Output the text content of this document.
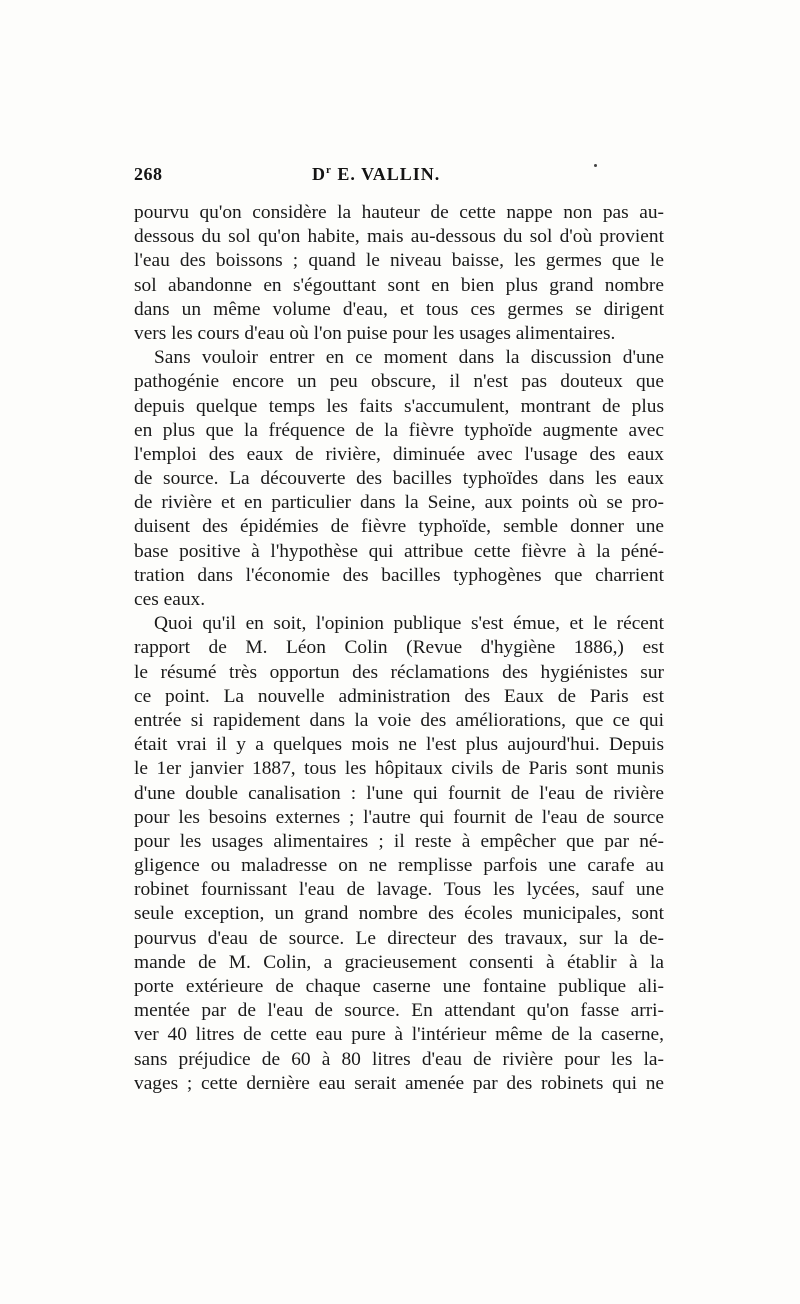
268	$D^r$ E. VALLIN.
pourvu qu'on considère la hauteur de cette nappe non pas au-
dessous du sol qu'on habite, mais au-dessous du sol d'où provient
l'eau des boissons ; quand le niveau baisse, les germes que le
sol abandonne en s'égouttant sont en bien plus grand nombre
dans un même volume d'eau, et tous ces germes se dirigent
vers les cours d'eau où l'on puise pour les usages alimentaires.
Sans vouloir entrer en ce moment dans la discussion d'une
pathogénie encore un peu obscure, il n'est pas douteux que
depuis quelque temps les faits s'accumulent, montrant de plus
en plus que la fréquence de la fièvre typhoïde augmente avec
l'emploi des eaux de rivière, diminuée avec l'usage des eaux
de source. La découverte des bacilles typhoïdes dans les eaux
de rivière et en particulier dans la Seine, aux points où se pro-
duisent des épidémies de fièvre typhoïde, semble donner une
base positive à l'hypothèse qui attribue cette fièvre à la péné-
tration dans l'économie des bacilles typhogènes que charrient
ces eaux.
Quoi qu'il en soit, l'opinion publique s'est émue, et le récent
rapport de M. Léon Colin (Revue d'hygiène 1886,) est
le résumé très opportun des réclamations des hygiénistes sur
ce point. La nouvelle administration des Eaux de Paris est
entrée si rapidement dans la voie des améliorations, que ce qui
était vrai il y a quelques mois ne l'est plus aujourd'hui. Depuis
le 1er janvier 1887, tous les hôpitaux civils de Paris sont munis
d'une double canalisation : l'une qui fournit de l'eau de rivière
pour les besoins externes ; l'autre qui fournit de l'eau de source
pour les usages alimentaires ; il reste à empêcher que par né-
gligence ou maladresse on ne remplisse parfois une carafe au
robinet fournissant l'eau de lavage. Tous les lycées, sauf une
seule exception, un grand nombre des écoles municipales, sont
pourvus d'eau de source. Le directeur des travaux, sur la de-
mande de M. Colin, a gracieusement consenti à établir à la
porte extérieure de chaque caserne une fontaine publique ali-
mentée par de l'eau de source. En attendant qu'on fasse arri-
ver 40 litres de cette eau pure à l'intérieur même de la caserne,
sans préjudice de 60 à 80 litres d'eau de rivière pour les la-
vages ; cette dernière eau serait amenée par des robinets qui ne
